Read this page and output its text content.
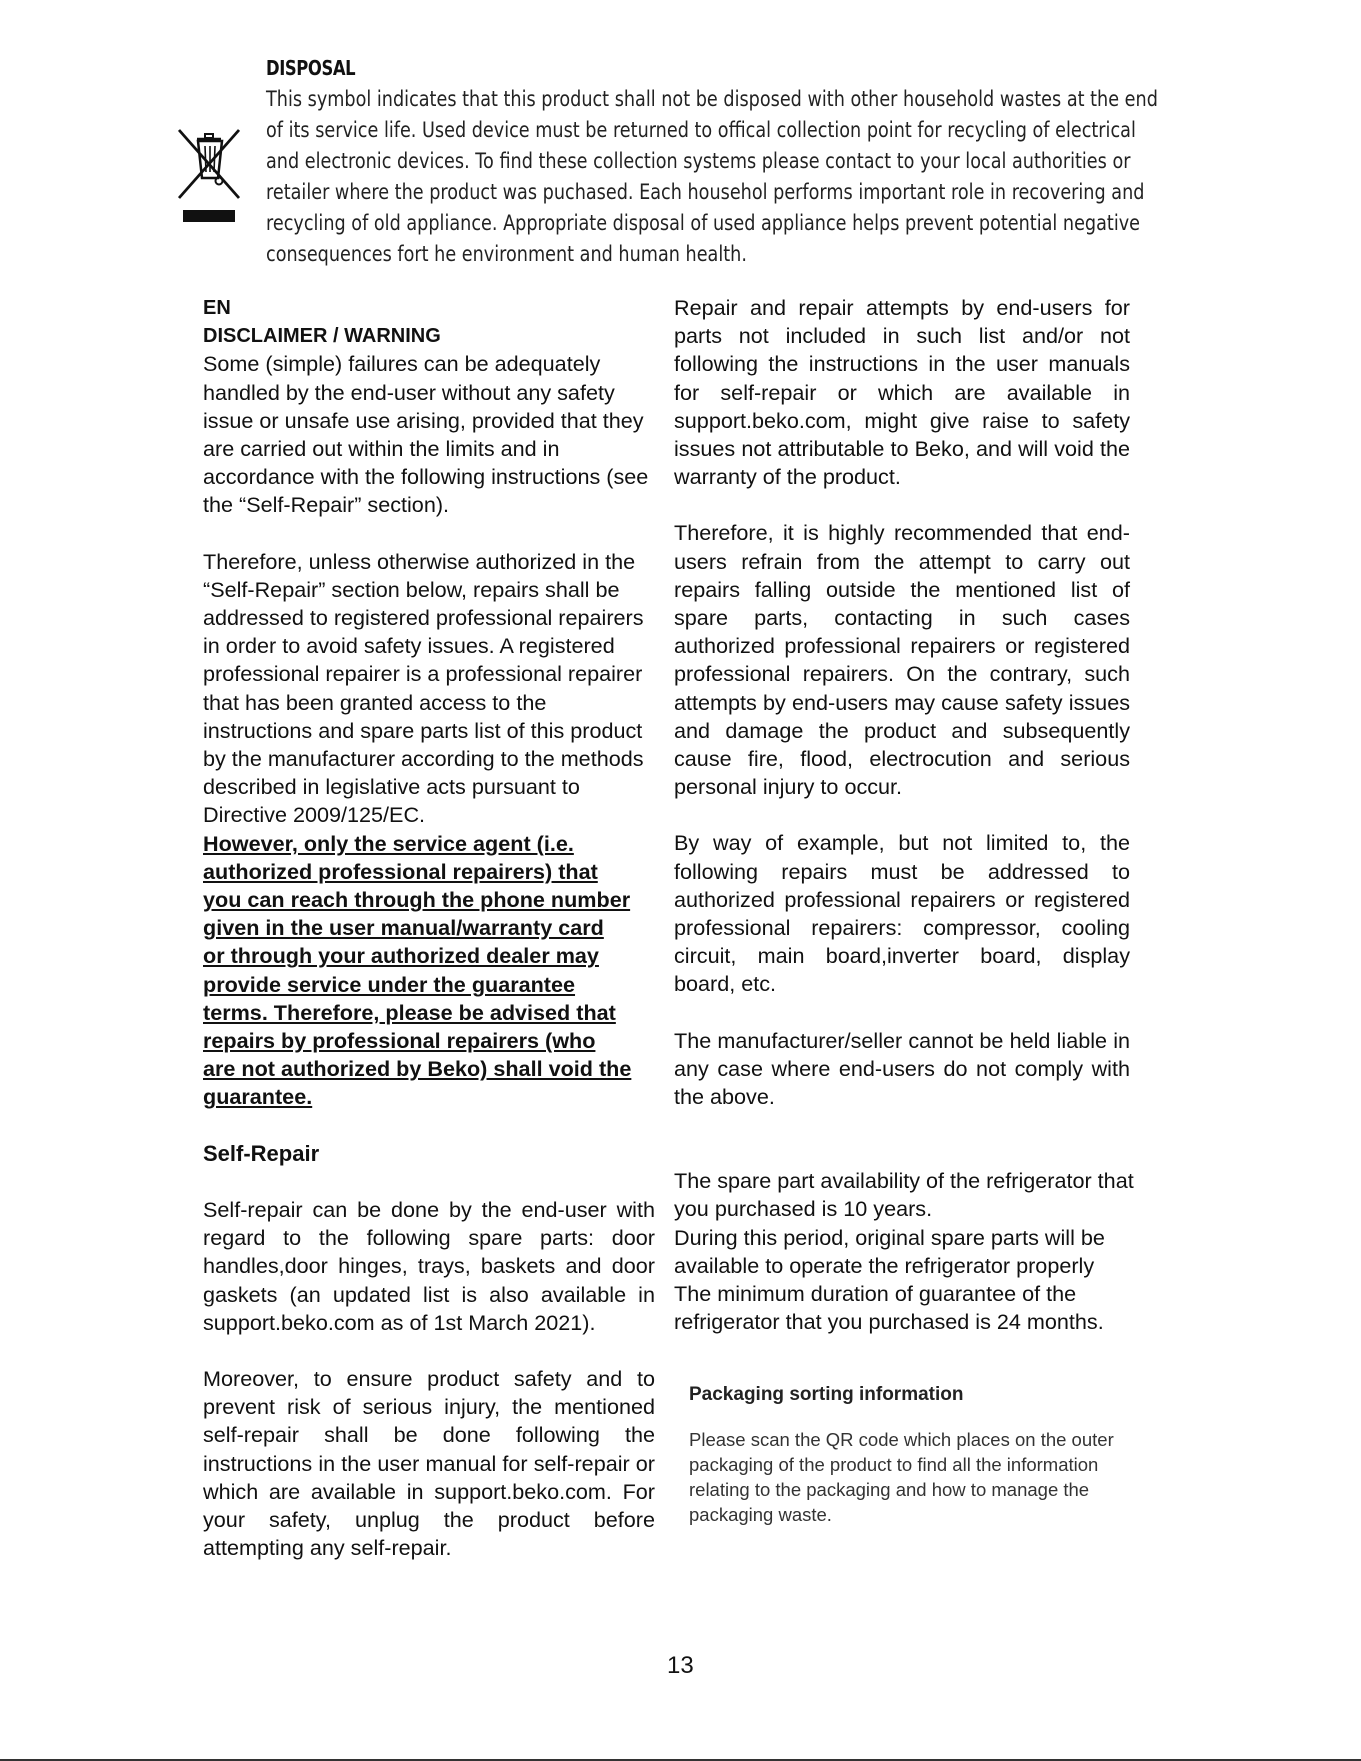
DISPOSAL
This symbol indicates that this product shall not be disposed with other household wastes at the end
of its service life. Used device must be returned to offical collection point for recycling of electrical
and electronic devices. To find these collection systems please contact to your local authorities or
retailer where the product was puchased. Each househol performs important role in recovering and
recycling of old appliance. Appropriate disposal of used appliance helps prevent potential negative
consequences fort he environment and human health.

EN

DISCLAIMER / WARNING

Some (simple) failures can be adequately handled by the end-user without any safety issue or unsafe use arising, provided that they are carried out within the limits and in accordance with the following instructions (see the “Self-Repair” section).

Therefore, unless otherwise authorized in the “Self-Repair” section below, repairs shall be addressed to registered professional repairers in order to avoid safety issues. A registered professional repairer is a professional repairer that has been granted access to the instructions and spare parts list of this product by the manufacturer according to the methods described in legislative acts pursuant to Directive 2009/125/EC.

However, only the service agent (i.e.
authorized professional repairers) that
you can reach through the phone number
given in the user manual/warranty card
or through your authorized dealer may
provide service under the guarantee
terms. Therefore, please be advised that
repairs by professional repairers (who
are not authorized by Beko) shall void the
guarantee.

Self-Repair

Self-repair can be done by the end-user with regard to the following spare parts: door handles,door hinges, trays, baskets and door gaskets (an updated list is also available in support.beko.com as of 1st March 2021).

Moreover, to ensure product safety and to prevent risk of serious injury, the mentioned self-repair shall be done following the instructions in the user manual for self-repair or which are available in support.beko.com. For your safety, unplug the product before attempting any self-repair.

Repair and repair attempts by end-users for parts not included in such list and/or not following the instructions in the user manuals for self-repair or which are available in support.beko.com, might give raise to safety issues not attributable to Beko, and will void the warranty of the product.

Therefore, it is highly recommended that end-users refrain from the attempt to carry out repairs falling outside the mentioned list of spare parts, contacting in such cases authorized professional repairers or registered professional repairers. On the contrary, such attempts by end-users may cause safety issues and damage the product and subsequently cause fire, flood, electrocution and serious personal injury to occur.

By way of example, but not limited to, the following repairs must be addressed to authorized professional repairers or registered professional repairers: compressor, cooling circuit, main board,inverter board, display board, etc.

The manufacturer/seller cannot be held liable in any case where end-users do not comply with the above.

The spare part availability of the refrigerator that
you purchased is 10 years.
During this period, original spare parts will be
available to operate the refrigerator properly
The minimum duration of guarantee of the
refrigerator that you purchased is 24 months.

Packaging sorting information

Please scan the QR code which places on the outer
packaging of the product to find all the information
relating to the packaging and how to manage the
packaging waste.

13
